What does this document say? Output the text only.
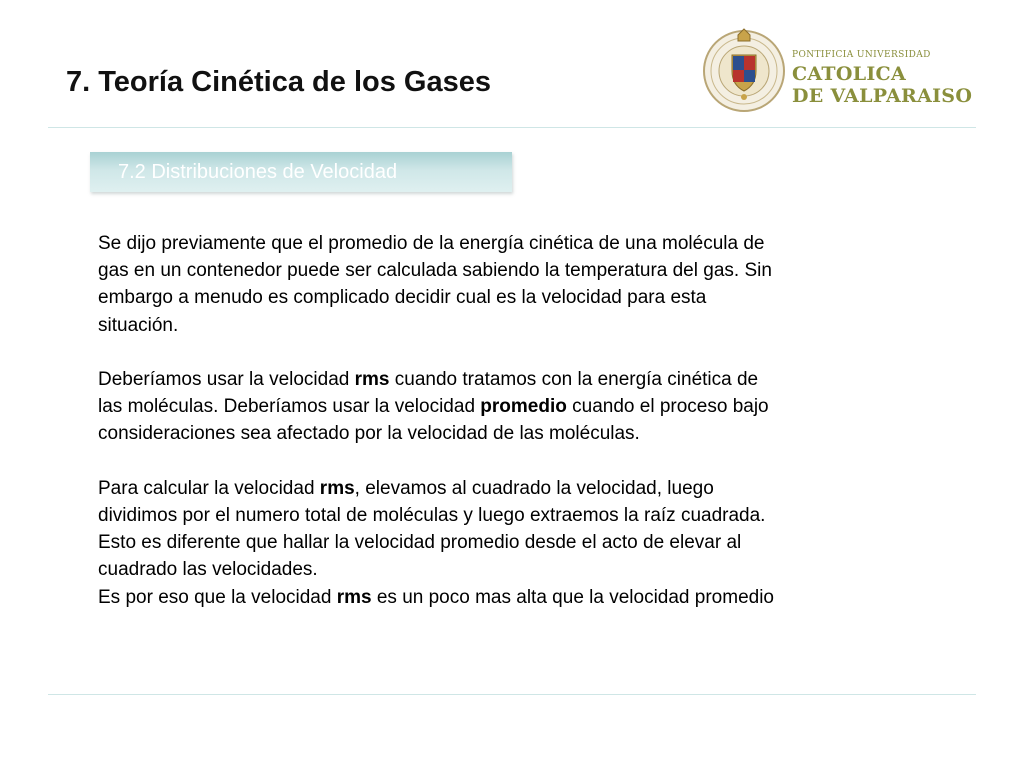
7. Teoría Cinética de los Gases
PONTIFICIA UNIVERSIDAD
CATOLICA
DE VALPARAISO
7.2 Distribuciones de Velocidad

Se dijo previamente que el promedio de la energía cinética de una molécula de
gas en un contenedor puede ser calculada sabiendo la temperatura del gas. Sin
embargo a menudo es complicado decidir cual es la velocidad para esta
situación.

Deberíamos usar la velocidad rms cuando tratamos con la energía cinética de
las moléculas. Deberíamos usar la velocidad promedio cuando el proceso bajo
consideraciones sea afectado por la velocidad de las moléculas.

Para calcular la velocidad rms, elevamos al cuadrado la velocidad, luego
dividimos por el numero total de moléculas y luego extraemos la raíz cuadrada.
Esto es diferente que hallar la velocidad promedio desde el acto de elevar al
cuadrado las velocidades.
Es por eso que la velocidad rms es un poco mas alta que la velocidad promedio
